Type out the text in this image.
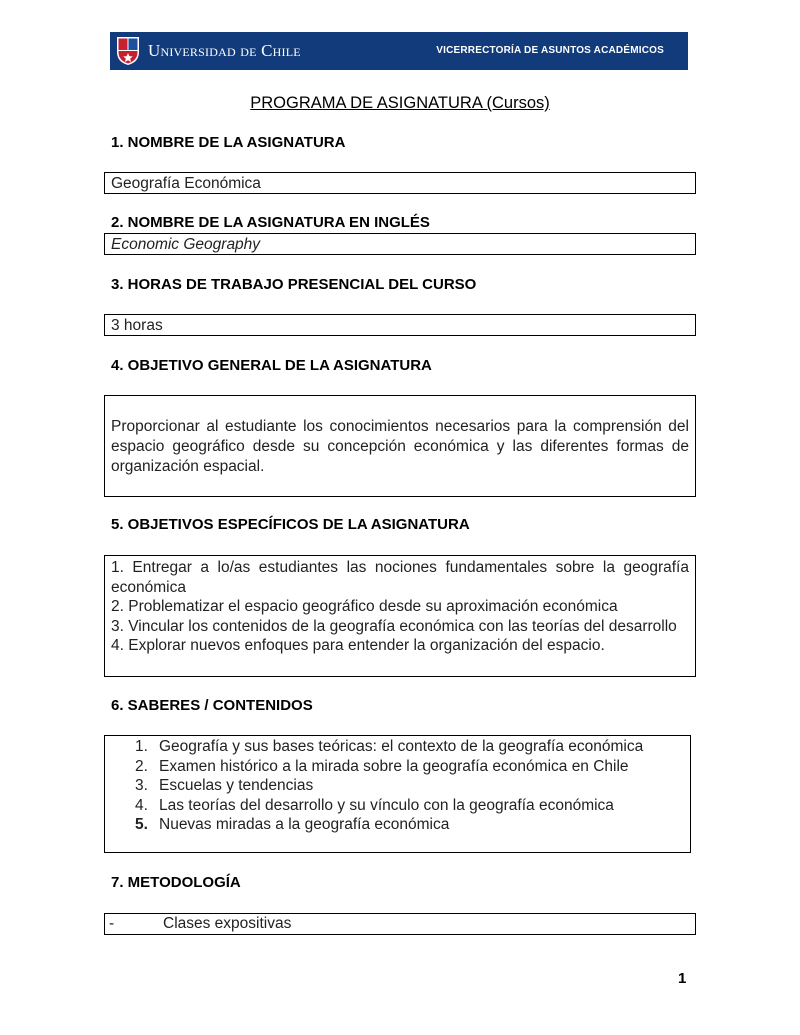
Universidad de Chile	VICERRECTORÍA DE ASUNTOS ACADÉMICOS
PROGRAMA DE ASIGNATURA (Cursos)
1. NOMBRE DE LA ASIGNATURA
Geografía Económica
2. NOMBRE DE LA ASIGNATURA EN INGLÉS
Economic Geography
3. HORAS DE TRABAJO PRESENCIAL DEL CURSO
3 horas
4. OBJETIVO GENERAL DE LA ASIGNATURA
Proporcionar al estudiante los conocimientos necesarios para la comprensión del espacio geográfico desde su concepción económica y las diferentes formas de organización espacial.
5. OBJETIVOS ESPECÍFICOS DE LA ASIGNATURA
1. Entregar a lo/as estudiantes las nociones fundamentales sobre la geografía económica
2. Problematizar el espacio geográfico desde su aproximación económica
3. Vincular los contenidos de la geografía económica con las teorías del desarrollo
4. Explorar nuevos enfoques para entender la organización del espacio.
6. SABERES / CONTENIDOS
1. Geografía y sus bases teóricas: el contexto de la geografía económica
2. Examen histórico a la mirada sobre la geografía económica en Chile
3. Escuelas y tendencias
4. Las teorías del desarrollo y su vínculo con la geografía económica
5. Nuevas miradas a la geografía económica
7. METODOLOGÍA
-	Clases expositivas
1
